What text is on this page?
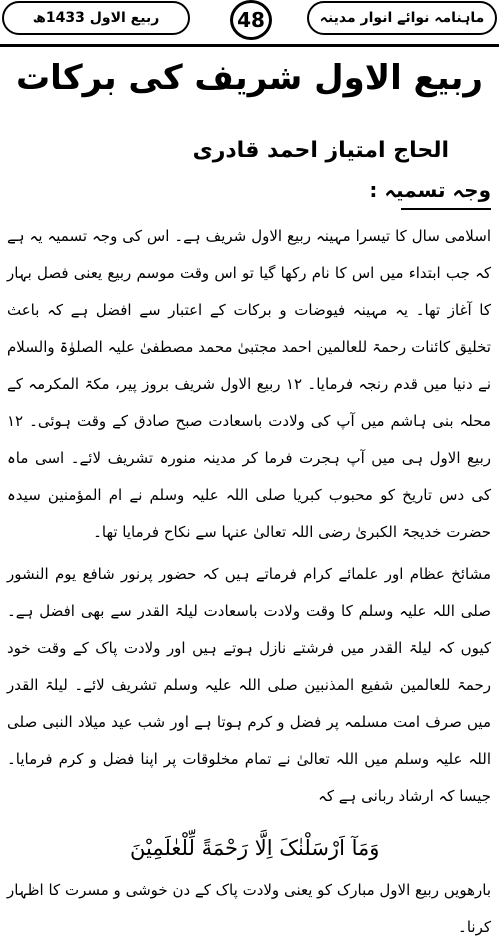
ربیع الاول 1433ھ	48	ماہنامہ نوائے انوار مدینہ
ربیع الاول شریف کی برکات
الحاج امتیاز احمد قادری
وجہ تسمیہ :
اسلامی سال کا تیسرا مہینہ ربیع الاول شریف ہے۔ اس کی وجہ تسمیہ یہ ہے کہ جب ابتداء میں اس کا نام رکھا گیا تو اس وقت موسم ربیع یعنی فصل بہار کا آغاز تھا۔ یہ مہینہ فیوضات و برکات کے اعتبار سے افضل ہے کہ باعث تخلیق کائنات رحمۃ للعالمین احمد مجتبیٰ محمد مصطفیٰ علیہ الصلوٰۃ والسلام نے دنیا میں قدم رنجہ فرمایا۔ ۱۲ ربیع الاول شریف بروز پیر، مکۃ المکرمہ کے محلہ بنی ہاشم میں آپ کی ولادت باسعادت صبح صادق کے وقت ہوئی۔ ۱۲ ربیع الاول ہی میں آپ ہجرت فرما کر مدینہ منورہ تشریف لائے۔ اسی ماہ کی دس تاریخ کو محبوب کبریا صلی اللہ علیہ وسلم نے ام المؤمنین سیدہ حضرت خدیجۃ الکبریٰ رضی اللہ تعالیٰ عنہا سے نکاح فرمایا تھا۔
مشائخ عظام اور علمائے کرام فرماتے ہیں کہ حضور پرنور شافع یوم النشور صلی اللہ علیہ وسلم کا وقت ولادت باسعادت لیلۃ القدر سے بھی افضل ہے۔ کیوں کہ لیلۃ القدر میں فرشتے نازل ہوتے ہیں اور ولادت پاک کے وقت خود رحمۃ للعالمین شفیع المذنبین صلی اللہ علیہ وسلم تشریف لائے۔ لیلۃ القدر میں صرف امت مسلمہ پر فضل و کرم ہوتا ہے اور شب عید میلاد النبی صلی اللہ علیہ وسلم میں اللہ تعالیٰ نے تمام مخلوقات پر اپنا فضل و کرم فرمایا۔ جیسا کہ ارشاد ربانی ہے کہ
وَمَآ اَرْسَلْنٰکَ اِلَّا رَحْمَةً لِّلْعٰلَمِیْنَ
بارھویں ربیع الاول مبارک کو یعنی ولادت پاک کے دن خوشی و مسرت کا اظہار کرنا۔
